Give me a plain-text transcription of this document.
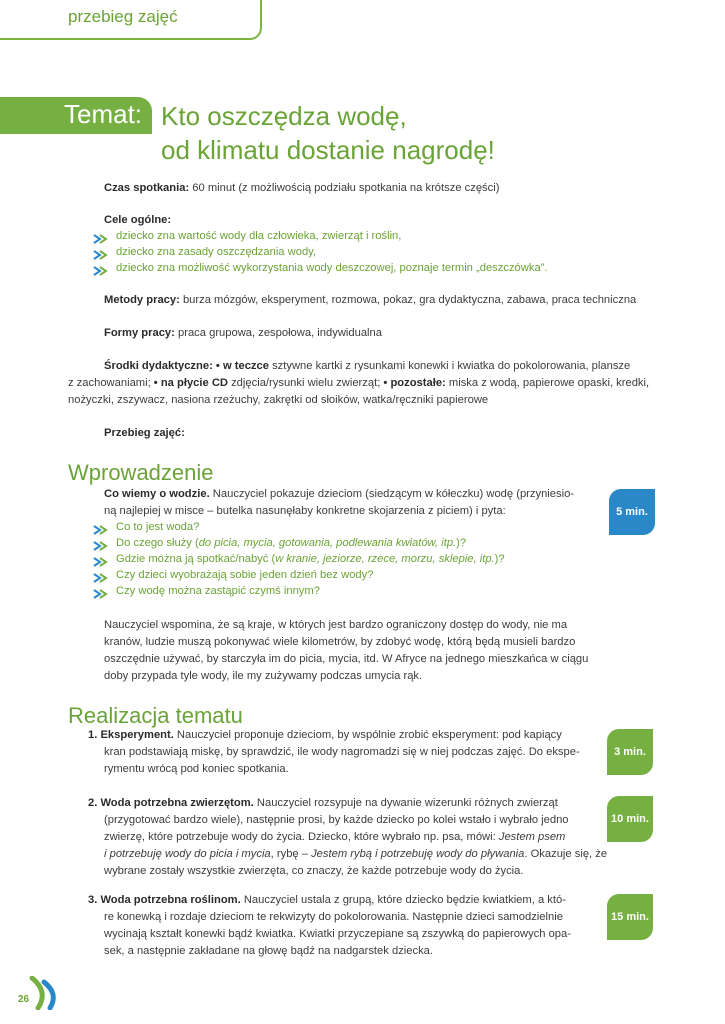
przebieg zajęć
Temat: Kto oszczędza wodę,
od klimatu dostanie nagrodę!
Czas spotkania: 60 minut (z możliwością podziału spotkania na krótsze części)
Cele ogólne:
dziecko zna wartość wody dla człowieka, zwierząt i roślin,
dziecko zna zasady oszczędzania wody,
dziecko zna możliwość wykorzystania wody deszczowej, poznaje termin „deszczówka”.
Metody pracy: burza mózgów, eksperyment, rozmowa, pokaz, gra dydaktyczna, zabawa, praca techniczna
Formy pracy: praca grupowa, zespołowa, indywidualna
Środki dydaktyczne: • w teczce sztywne kartki z rysunkami konewki i kwiatka do pokolorowania, plansze
z zachowaniami; • na płycie CD zdjęcia/rysunki wielu zwierząt; • pozostałe: miska z wodą, papierowe opaski, kredki,
nożyczki, zszywacz, nasiona rzeżuchy, zakrętki od słoików, watka/ręczniki papierowe
Przebieg zajęć:
Wprowadzenie
Co wiemy o wodzie. Nauczyciel pokazuje dzieciom (siedzącym w kółeczku) wodę (przyniesio-
ną najlepiej w misce – butelka nasunęłaby konkretne skojarzenia z piciem) i pyta:
Co to jest woda?
Do czego służy (do picia, mycia, gotowania, podlewania kwiatów, itp.)?
Gdzie można ją spotkać/nabyć (w kranie, jeziorze, rzece, morzu, sklepie, itp.)?
Czy dzieci wyobrażają sobie jeden dzień bez wody?
Czy wodę można zastąpić czymś innym?
5 min.
Nauczyciel wspomina, że są kraje, w których jest bardzo ograniczony dostęp do wody, nie ma
kranów, ludzie muszą pokonywać wiele kilometrów, by zdobyć wodę, którą będą musieli bardzo
oszczędnie używać, by starczyła im do picia, mycia, itd. W Afryce na jednego mieszkańca w ciągu
doby przypada tyle wody, ile my zużywamy podczas umycia rąk.
Realizacja tematu
1. Eksperyment. Nauczyciel proponuje dzieciom, by wspólnie zrobić eksperyment: pod kapiący
kran podstawiają miskę, by sprawdzić, ile wody nagromadzi się w niej podczas zajęć. Do ekspe-
rymentu wrócą pod koniec spotkania.
3 min.
2. Woda potrzebna zwierzętom. Nauczyciel rozsypuje na dywanie wizerunki różnych zwierząt
(przygotować bardzo wiele), następnie prosi, by każde dziecko po kolei wstało i wybrało jedno
zwierzę, które potrzebuje wody do życia. Dziecko, które wybrało np. psa, mówi: Jestem psem
i potrzebuję wody do picia i mycia, rybę – Jestem rybą i potrzebuję wody do pływania. Okazuje się, że
wybrane zostały wszystkie zwierzęta, co znaczy, że każde potrzebuje wody do życia.
10 min.
3. Woda potrzebna roślinom. Nauczyciel ustala z grupą, które dziecko będzie kwiatkiem, a któ-
re konewką i rozdaje dzieciom te rekwizyty do pokolorowania. Następnie dzieci samodzielnie
wycinają kształt konewki bądź kwiatka. Kwiatki przyczepiane są zszywką do papierowych opa-
sek, a następnie zakładane na głowę bądź na nadgarstek dziecka.
15 min.
26
